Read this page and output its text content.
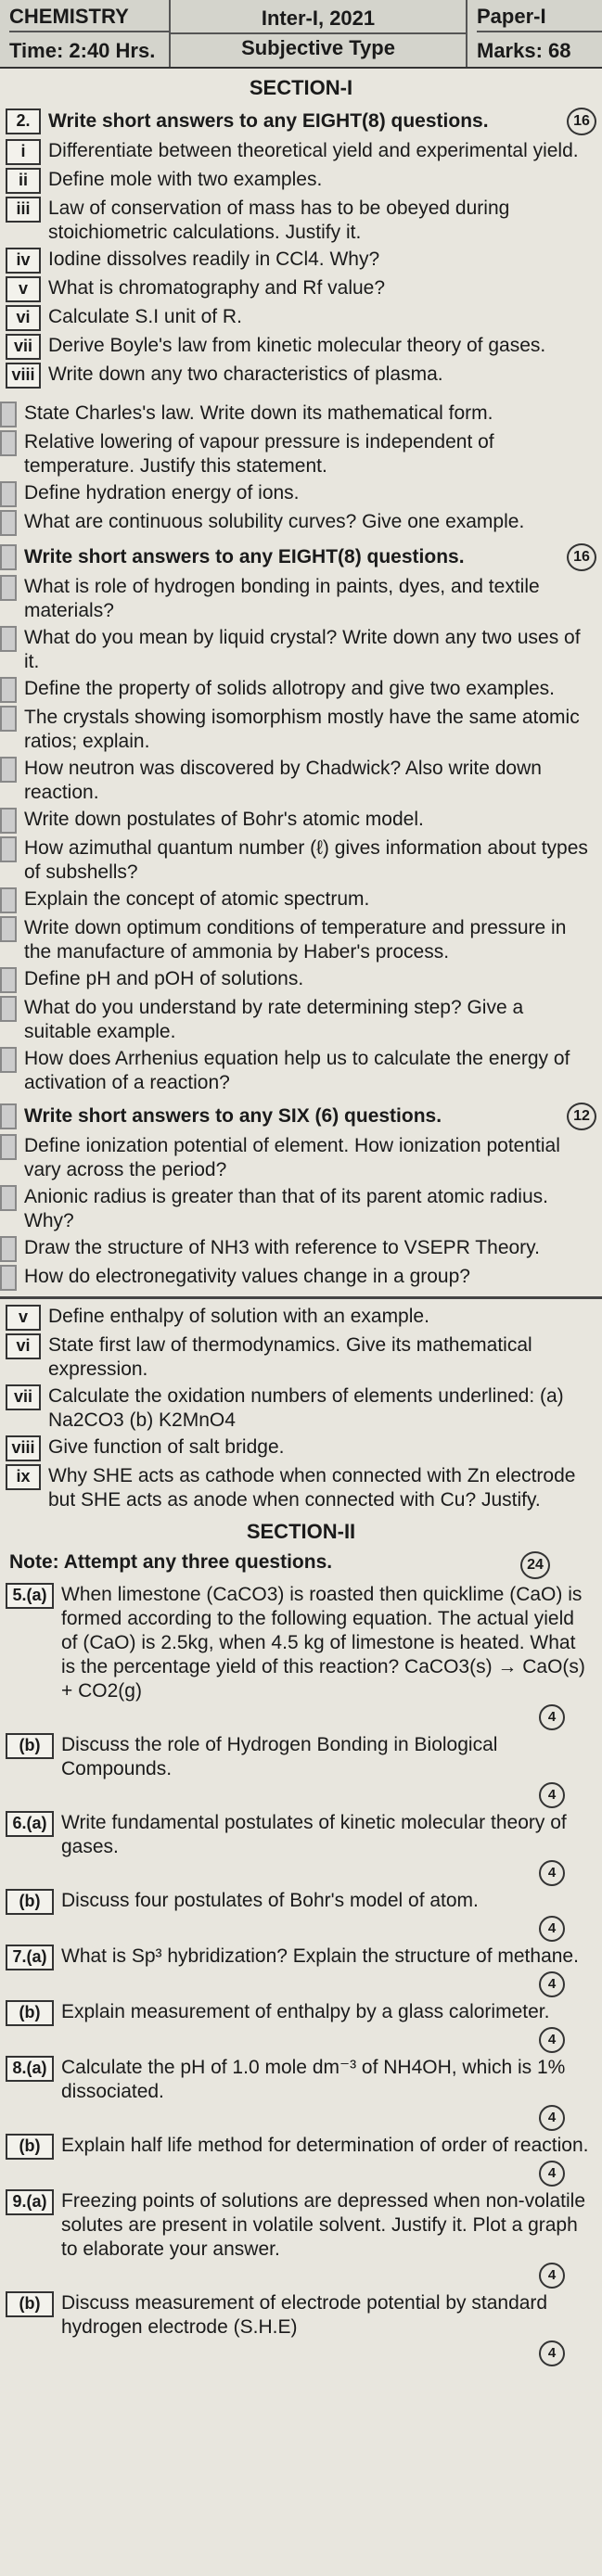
CHEMISTRY
Time: 2:40 Hrs.
Inter-I, 2021
Subjective Type
Paper-I
Marks: 68
SECTION-I
2. Write short answers to any EIGHT(8) questions.	16
i	Differentiate between theoretical yield and experimental yield.
ii	Define mole with two examples.
iii Law of conservation of mass has to be obeyed during stoichiometric calculations. Justify it.
iv Iodine dissolves readily in CCl4. Why?
v	What is chromatography and Rf value?
vi Calculate S.I unit of R.
vii Derive Boyle's law from kinetic molecular theory of gases.
viii Write down any two characteristics of plasma.
State Charles's law. Write down its mathematical form.
Relative lowering of vapour pressure is independent of temperature. Justify this statement.
Define hydration energy of ions.
What are continuous solubility curves? Give one example.
Write short answers to any EIGHT(8) questions.	16
What is role of hydrogen bonding in paints, dyes, and textile materials?
What do you mean by liquid crystal? Write down any two uses of it.
Define the property of solids allotropy and give two examples.
The crystals showing isomorphism mostly have the same atomic ratios; explain.
How neutron was discovered by Chadwick? Also write down reaction.
Write down postulates of Bohr's atomic model.
How azimuthal quantum number (ℓ) gives information about types of subshells?
Explain the concept of atomic spectrum.
Write down optimum conditions of temperature and pressure in the manufacture of ammonia by Haber's process.
Define pH and pOH of solutions.
What do you understand by rate determining step? Give a suitable example.
How does Arrhenius equation help us to calculate the energy of activation of a reaction?
Write short answers to any SIX (6) questions.	12
Define ionization potential of element. How ionization potential vary across the period?
Anionic radius is greater than that of its parent atomic radius. Why?
Draw the structure of NH3 with reference to VSEPR Theory.
How do electronegativity values change in a group?
v	Define enthalpy of solution with an example.
vi State first law of thermodynamics. Give its mathematical expression.
vii Calculate the oxidation numbers of elements underlined: (a) Na2CO3 (b) K2MnO4
viii Give function of salt bridge.
ix Why SHE acts as cathode when connected with Zn electrode but SHE acts as anode when connected with Cu? Justify.
SECTION-II
Note: Attempt any three questions.	24
5.(a) When limestone (CaCO3) is roasted then quicklime (CaO) is formed according to the following equation. The actual yield of (CaO) is 2.5kg, when 4.5 kg of limestone is heated. What is the percentage yield of this reaction? CaCO3(s) → CaO(s) + CO2(g)
4
(b)	Discuss the role of Hydrogen Bonding in Biological Compounds.
4
6.(a) Write fundamental postulates of kinetic molecular theory of gases.
4
(b)	Discuss four postulates of Bohr's model of atom.
4
7.(a) What is Sp³ hybridization? Explain the structure of methane.
4
(b)	Explain measurement of enthalpy by a glass calorimeter.
4
8.(a) Calculate the pH of 1.0 mole dm⁻³ of NH4OH, which is 1% dissociated.
4
(b)	Explain half life method for determination of order of reaction.
4
9.(a) Freezing points of solutions are depressed when non-volatile solutes are present in volatile solvent. Justify it. Plot a graph to elaborate your answer.
4
(b)	Discuss measurement of electrode potential by standard hydrogen electrode (S.H.E)
4
